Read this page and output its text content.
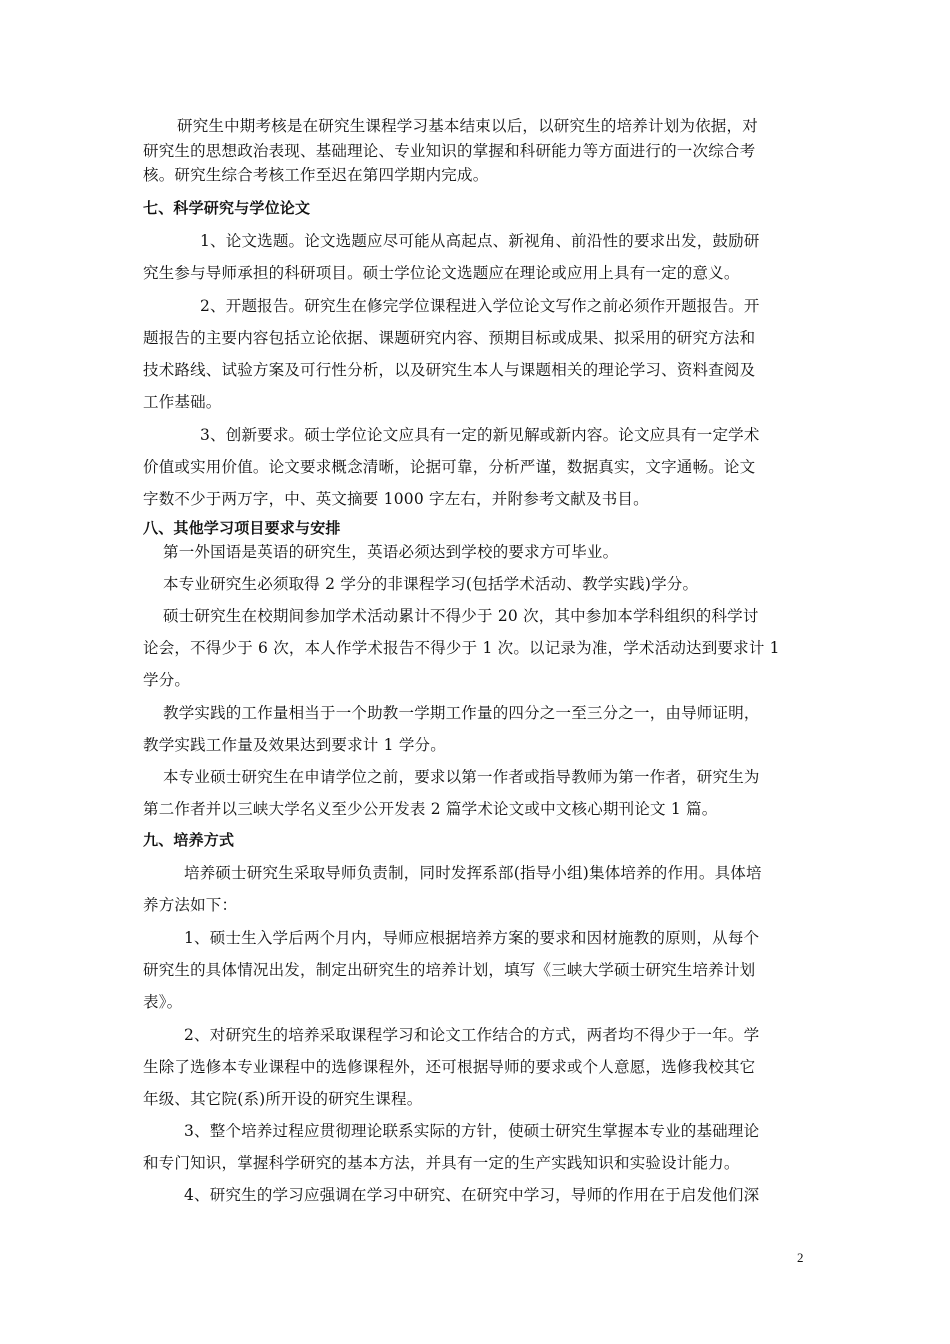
研究生中期考核是在研究生课程学习基本结束以后，以研究生的培养计划为依据，对
研究生的思想政治表现、基础理论、专业知识的掌握和科研能力等方面进行的一次综合考
核。研究生综合考核工作至迟在第四学期内完成。
七、科学研究与学位论文
1、论文选题。论文选题应尽可能从高起点、新视角、前沿性的要求出发，鼓励研
究生参与导师承担的科研项目。硕士学位论文选题应在理论或应用上具有一定的意义。
2、开题报告。研究生在修完学位课程进入学位论文写作之前必须作开题报告。开
题报告的主要内容包括立论依据、课题研究内容、预期目标或成果、拟采用的研究方法和
技术路线、试验方案及可行性分析，以及研究生本人与课题相关的理论学习、资料查阅及
工作基础。
3、创新要求。硕士学位论文应具有一定的新见解或新内容。论文应具有一定学术
价值或实用价值。论文要求概念清晰，论据可靠，分析严谨，数据真实，文字通畅。论文
字数不少于两万字，中、英文摘要 1000 字左右，并附参考文献及书目。
八、其他学习项目要求与安排
第一外国语是英语的研究生，英语必须达到学校的要求方可毕业。
本专业研究生必须取得 2 学分的非课程学习(包括学术活动、教学实践)学分。
硕士研究生在校期间参加学术活动累计不得少于 20 次，其中参加本学科组织的科学讨
论会，不得少于 6 次，本人作学术报告不得少于 1 次。以记录为准，学术活动达到要求计 1
学分。
教学实践的工作量相当于一个助教一学期工作量的四分之一至三分之一，由导师证明，
教学实践工作量及效果达到要求计 1 学分。
本专业硕士研究生在申请学位之前，要求以第一作者或指导教师为第一作者，研究生为
第二作者并以三峡大学名义至少公开发表 2 篇学术论文或中文核心期刊论文 1 篇。
九、培养方式
培养硕士研究生采取导师负责制，同时发挥系部(指导小组)集体培养的作用。具体培
养方法如下：
1、硕士生入学后两个月内，导师应根据培养方案的要求和因材施教的原则，从每个
研究生的具体情况出发，制定出研究生的培养计划，填写《三峡大学硕士研究生培养计划
表》。
2、对研究生的培养采取课程学习和论文工作结合的方式，两者均不得少于一年。学
生除了选修本专业课程中的选修课程外，还可根据导师的要求或个人意愿，选修我校其它
年级、其它院(系)所开设的研究生课程。
3、整个培养过程应贯彻理论联系实际的方针，使硕士研究生掌握本专业的基础理论
和专门知识，掌握科学研究的基本方法，并具有一定的生产实践知识和实验设计能力。
4、研究生的学习应强调在学习中研究、在研究中学习，导师的作用在于启发他们深
2
